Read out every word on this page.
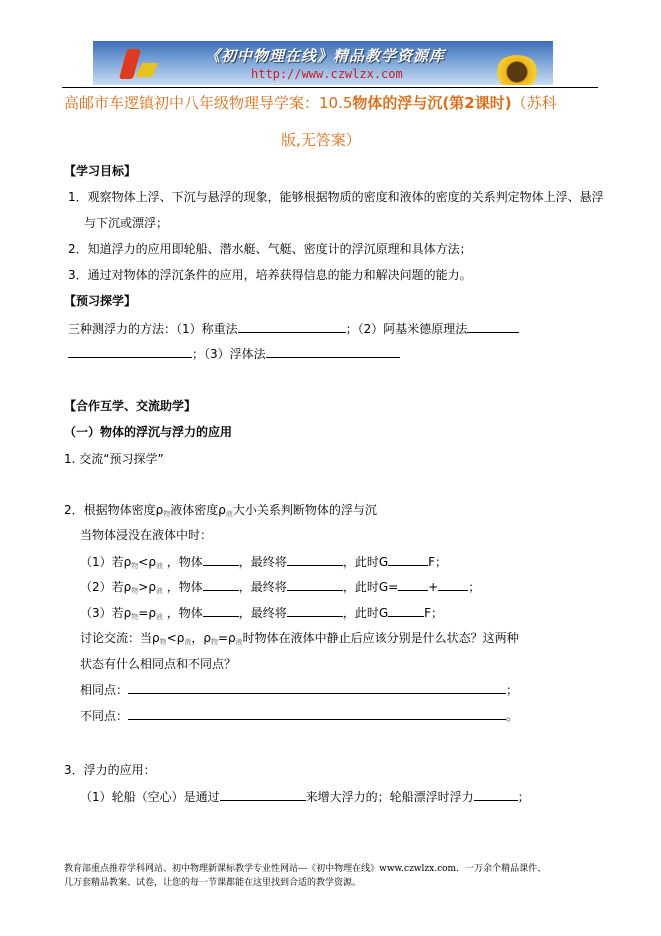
《初中物理在线》精品教学资源库
http://www.czwlzx.com
高邮市车逻镇初中八年级物理导学案：10.5物体的浮与沉(第2课时)（苏科
版,无答案）
【学习目标】
1．观察物体上浮、下沉与悬浮的现象，能够根据物质的密度和液体的密度的关系判定物体上浮、悬浮
与下沉或漂浮；
2．知道浮力的应用即轮船、潜水艇、气艇、密度计的浮沉原理和具体方法；
3．通过对物体的浮沉条件的应用，培养获得信息的能力和解决问题的能力。
【预习探学】
三种测浮力的方法：（1）称重法	；（2）阿基米德原理法
；（3）浮体法
【合作互学、交流助学】
（一）物体的浮沉与浮力的应用
1. 交流“预习探学”
2．根据物体密度$\rho_物$液体密度$\rho_液$大小关系判断物体的浮与沉
当物体浸没在液体中时：
（1）若$\rho_物<\rho_液$ ，物体	，最终将	，此时G	F；
（2）若$\rho_物>\rho_液$ ，物体	，最终将	，此时G=	+	；
（3）若$\rho_物=\rho_液$ ，物体	，最终将	，此时G	F；
讨论交流：当$\rho_物<\rho_液$，$\rho_物=\rho_液$时物体在液体中静止后应该分别是什么状态？这两种
状态有什么相同点和不同点？
相同点：	；
不同点：	。
3．浮力的应用：
（1）轮船（空心）是通过	来增大浮力的；轮船漂浮时浮力	；
教育部重点推荐学科网站、初中物理新课标教学专业性网站---《初中物理在线》www.czwlzx.com．一万余个精品课件、
几万套精品教案、试卷，让您的每一节课都能在这里找到合适的教学资源。
